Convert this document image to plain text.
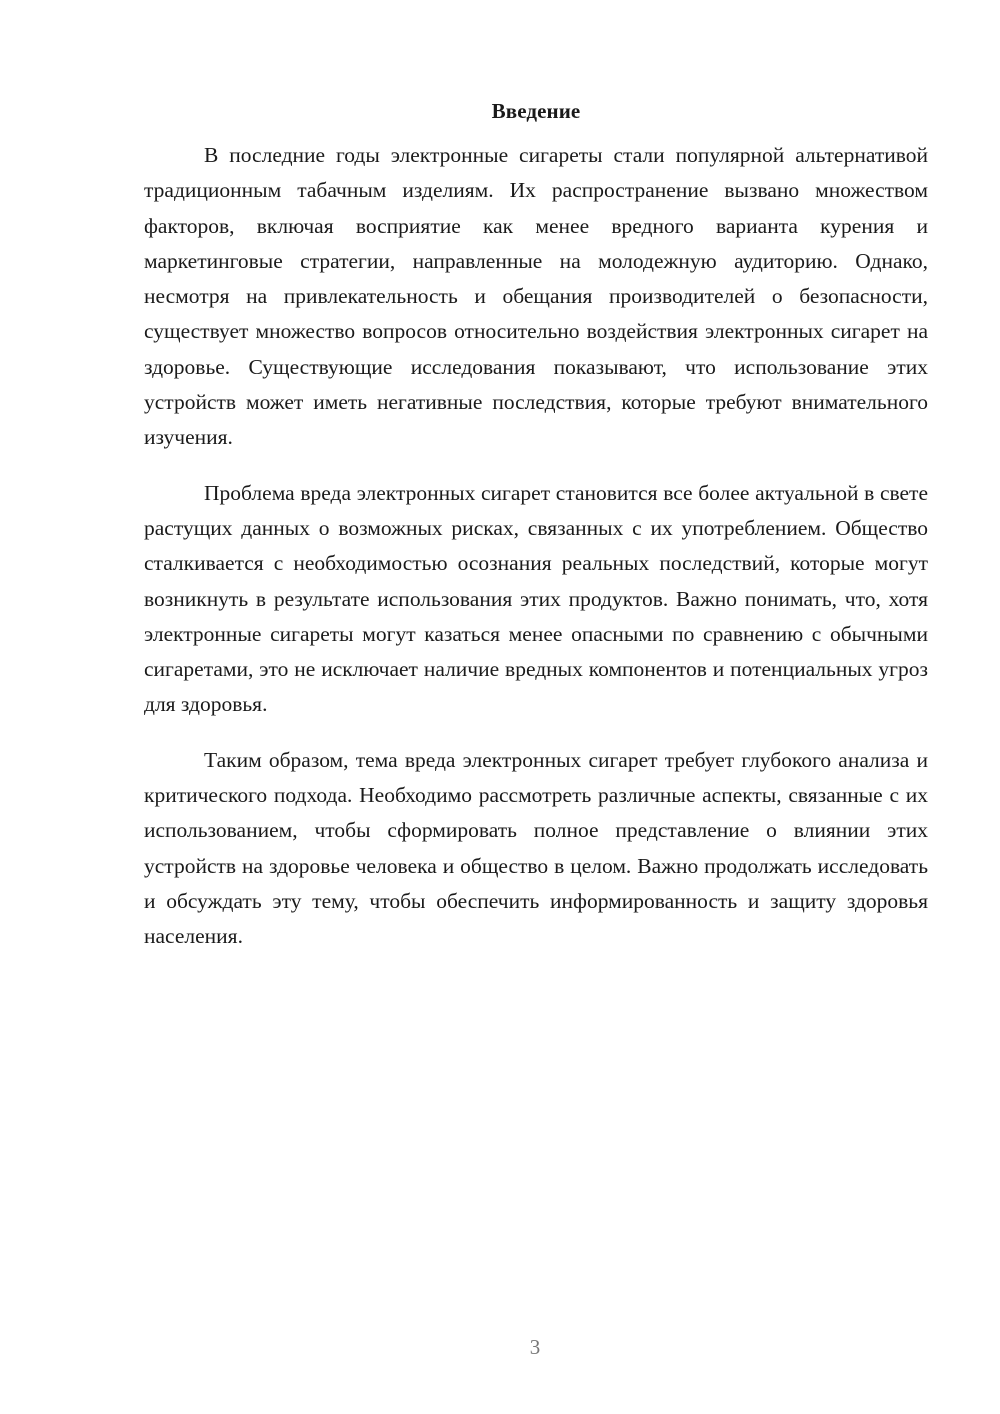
Введение

В последние годы электронные сигареты стали популярной альтернативой традиционным табачным изделиям. Их распространение вызвано множеством факторов, включая восприятие как менее вредного варианта курения и маркетинговые стратегии, направленные на молодежную аудиторию. Однако, несмотря на привлекательность и обещания производителей о безопасности, существует множество вопросов относительно воздействия электронных сигарет на здоровье. Существующие исследования показывают, что использование этих устройств может иметь негативные последствия, которые требуют внимательного изучения.

Проблема вреда электронных сигарет становится все более актуальной в свете растущих данных о возможных рисках, связанных с их употреблением. Общество сталкивается с необходимостью осознания реальных последствий, которые могут возникнуть в результате использования этих продуктов. Важно понимать, что, хотя электронные сигареты могут казаться менее опасными по сравнению с обычными сигаретами, это не исключает наличие вредных компонентов и потенциальных угроз для здоровья.

Таким образом, тема вреда электронных сигарет требует глубокого анализа и критического подхода. Необходимо рассмотреть различные аспекты, связанные с их использованием, чтобы сформировать полное представление о влиянии этих устройств на здоровье человека и общество в целом. Важно продолжать исследовать и обсуждать эту тему, чтобы обеспечить информированность и защиту здоровья населения.

3
